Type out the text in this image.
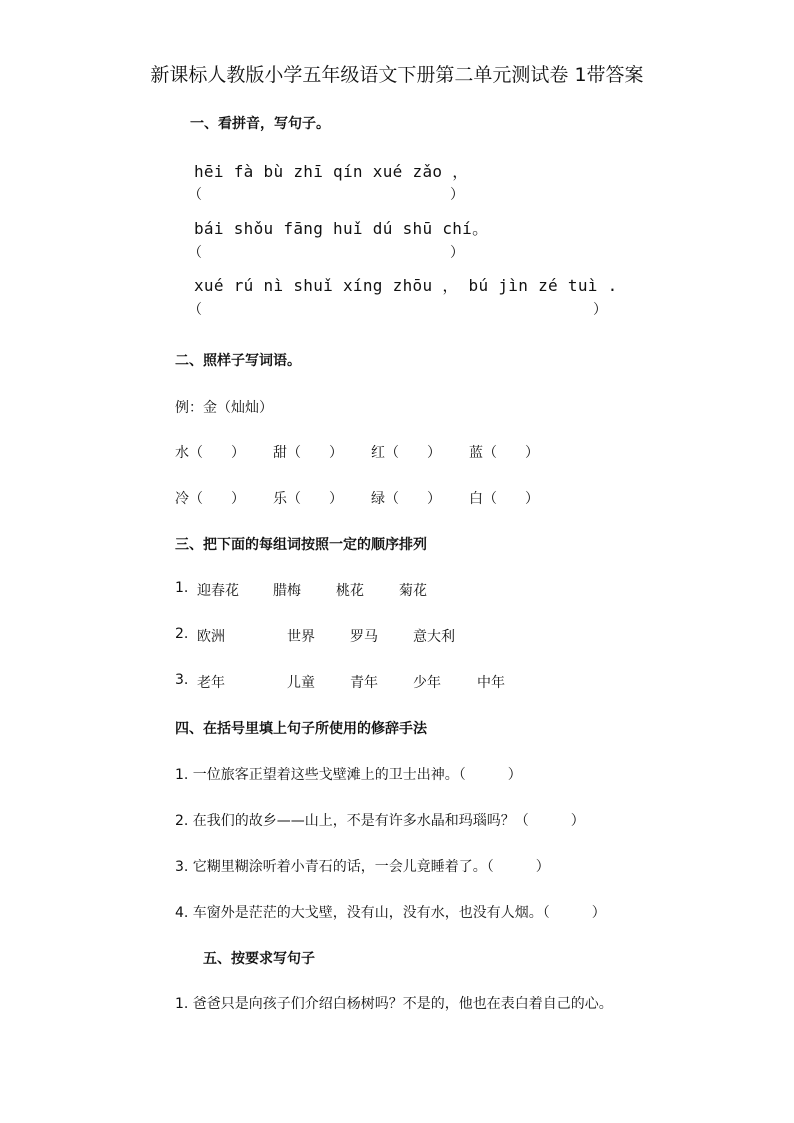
新课标人教版小学五年级语文下册第二单元测试卷 1带答案
一、看拼音，写句子。
hēi fà bù zhī qín xué zǎo ，
（	）
bái shǒu fāng huǐ dú shū chí。
（	）
xué rú nì shuǐ xíng zhōu ， bú jìn zé tuì .
（	）
二、照样子写词语。
例：金（灿灿）
水（　　） 甜（　　） 红（　　） 蓝（　　）
冷（　　） 乐（　　） 绿（　　） 白（　　）
三、把下面的每组词按照一定的顺序排列
1. 迎春花 腊梅	桃花	菊花
2. 欧洲	世界	罗马	意大利
3. 老年	儿童	青年	少年	中年
四、在括号里填上句子所使用的修辞手法
1. 一位旅客正望着这些戈壁滩上的卫士出神。（　　　）
2. 在我们的故乡——山上，不是有许多水晶和玛瑙吗？（　　　）
3. 它糊里糊涂听着小青石的话，一会儿竟睡着了。（　　　）
4. 车窗外是茫茫的大戈壁，没有山，没有水，也没有人烟。（　　　）
五、按要求写句子
1. 爸爸只是向孩子们介绍白杨树吗？不是的，他也在表白着自己的心。
